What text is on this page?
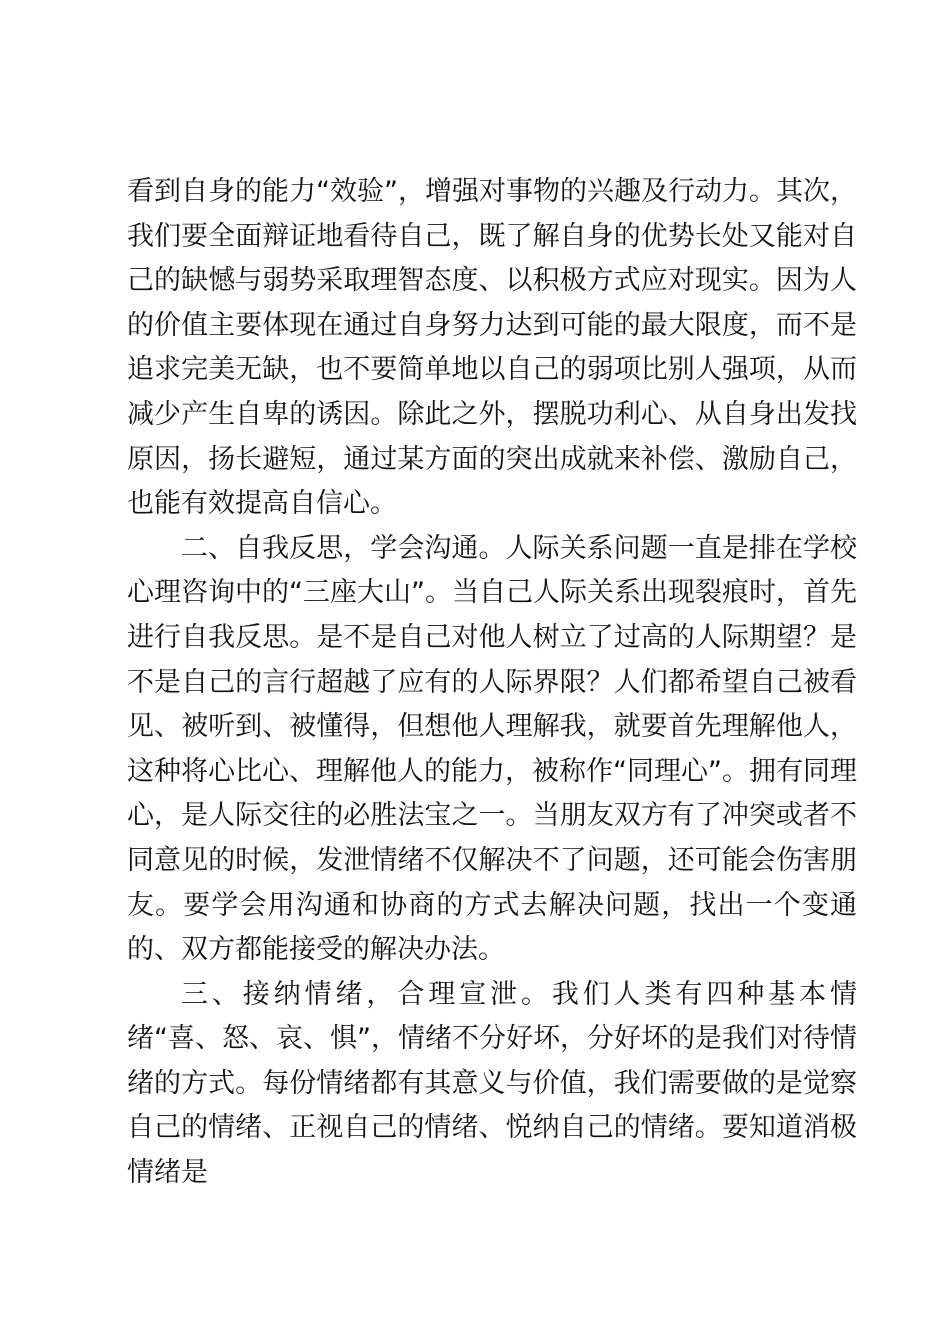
看到自身的能力“效验”，增强对事物的兴趣及行动力。其次，我们要全面辩证地看待自己，既了解自身的优势长处又能对自己的缺憾与弱势采取理智态度、以积极方式应对现实。因为人的价值主要体现在通过自身努力达到可能的最大限度，而不是追求完美无缺，也不要简单地以自己的弱项比别人强项，从而减少产生自卑的诱因。除此之外，摆脱功利心、从自身出发找原因，扬长避短，通过某方面的突出成就来补偿、激励自己，也能有效提高自信心。

二、自我反思，学会沟通。人际关系问题一直是排在学校心理咨询中的“三座大山”。当自己人际关系出现裂痕时，首先进行自我反思。是不是自己对他人树立了过高的人际期望？是不是自己的言行超越了应有的人际界限？人们都希望自己被看见、被听到、被懂得，但想他人理解我，就要首先理解他人，这种将心比心、理解他人的能力，被称作“同理心”。拥有同理心，是人际交往的必胜法宝之一。当朋友双方有了冲突或者不同意见的时候，发泄情绪不仅解决不了问题，还可能会伤害朋友。要学会用沟通和协商的方式去解决问题，找出一个变通的、双方都能接受的解决办法。

三、接纳情绪，合理宣泄。我们人类有四种基本情绪“喜、怒、哀、惧”，情绪不分好坏，分好坏的是我们对待情绪的方式。每份情绪都有其意义与价值，我们需要做的是觉察自己的情绪、正视自己的情绪、悦纳自己的情绪。要知道消极情绪是
